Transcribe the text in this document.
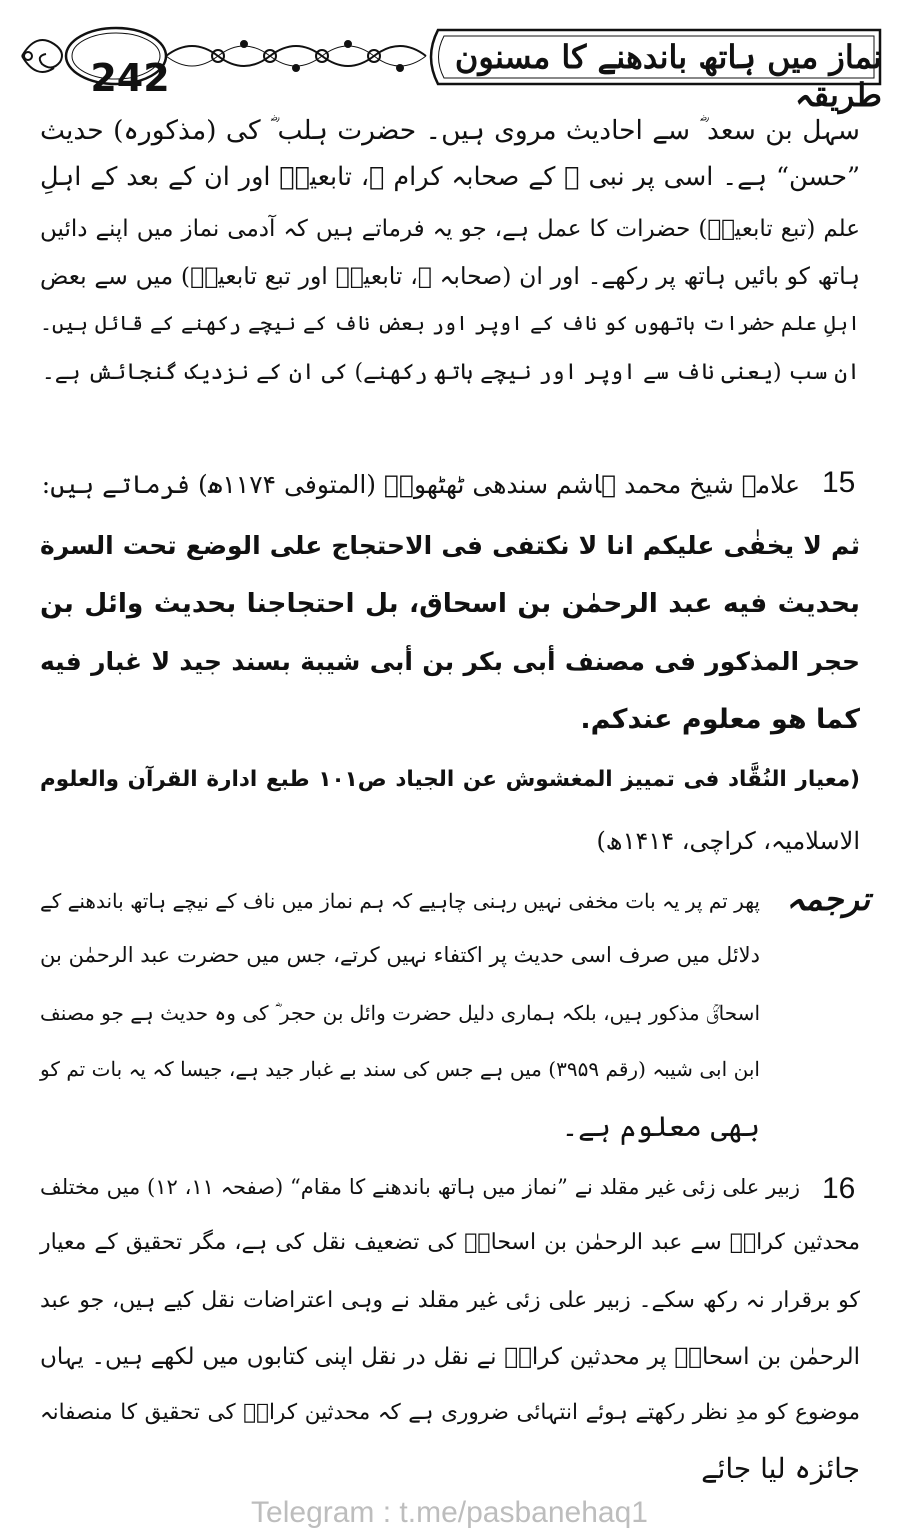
242	نماز میں ہاتھ باندھنے کا مسنون طریقہ
سہل بن سعد ؓ سے احادیث مروی ہیں۔ حضرت ہلب ؓ کی (مذکورہ) حدیث
”حسن“ ہے۔ اسی پر نبی ﷺ کے صحابہ کرام ؓ، تابعینؒ اور ان کے بعد کے اہلِ
علم (تبع تابعینؒ) حضرات کا عمل ہے، جو یہ فرماتے ہیں کہ آدمی نماز میں اپنے دائیں
ہاتھ کو بائیں ہاتھ پر رکھے۔ اور ان (صحابہ ؓ، تابعینؒ اور تبع تابعینؒ) میں سے بعض
اہلِ علم حضرات ہاتھوں کو ناف کے اوپر اور بعض ناف کے نیچے رکھنے کے قائل ہیں۔
ان سب (یعنی ناف سے اوپر اور نیچے ہاتھ رکھنے) کی ان کے نزدیک گنجائش ہے۔
15
علامہ شیخ محمد ہاشم سندھی ٹھٹھویؒ (المتوفی ۱۱۷۴ھ) فرماتے ہیں:
ثم لا یخفٰی علیکم انا لا نکتفی فی الاحتجاج علی الوضع تحت السرة
بحدیث فیه عبد الرحمٰن بن اسحاق، بل احتجاجنا بحدیث وائل بن
حجر المذکور فی مصنف أبی بکر بن أبی شیبة بسند جید لا غبار فیه
کما هو معلوم عندکم.
(معیار النُقَّاد فی تمییز المغشوش عن الجیاد ص۱۰۱ طبع ادارة القرآن والعلوم
الاسلامیہ، کراچی، ۱۴۱۴ھ)
ترجمہ
پھر تم پر یہ بات مخفی نہیں رہنی چاہیے کہ ہم نماز میں ناف کے نیچے ہاتھ باندھنے کے
دلائل میں صرف اسی حدیث پر اکتفاء نہیں کرتے، جس میں حضرت عبد الرحمٰن بن
اسحاقؒ مذکور ہیں، بلکہ ہماری دلیل حضرت وائل بن حجر ؓ کی وہ حدیث ہے جو مصنف
ابن ابی شیبہ (رقم ۳۹۵۹) میں ہے جس کی سند بے غبار جید ہے، جیسا کہ یہ بات تم کو
بھی معلوم ہے۔
16
زبیر علی زئی غیر مقلد نے ”نماز میں ہاتھ باندھنے کا مقام“ (صفحہ ۱۱، ۱۲) میں مختلف
محدثین کرامؒ سے عبد الرحمٰن بن اسحاقؒ کی تضعیف نقل کی ہے، مگر تحقیق کے معیار
کو برقرار نہ رکھ سکے۔ زبیر علی زئی غیر مقلد نے وہی اعتراضات نقل کیے ہیں، جو عبد
الرحمٰن بن اسحاقؒ پر محدثین کرامؒ نے نقل در نقل اپنی کتابوں میں لکھے ہیں۔ یہاں
موضوع کو مدِ نظر رکھتے ہوئے انتہائی ضروری ہے کہ محدثین کرامؒ کی تحقیق کا منصفانہ
جائزہ لیا جائے
Telegram : t.me/pasbanehaq1
